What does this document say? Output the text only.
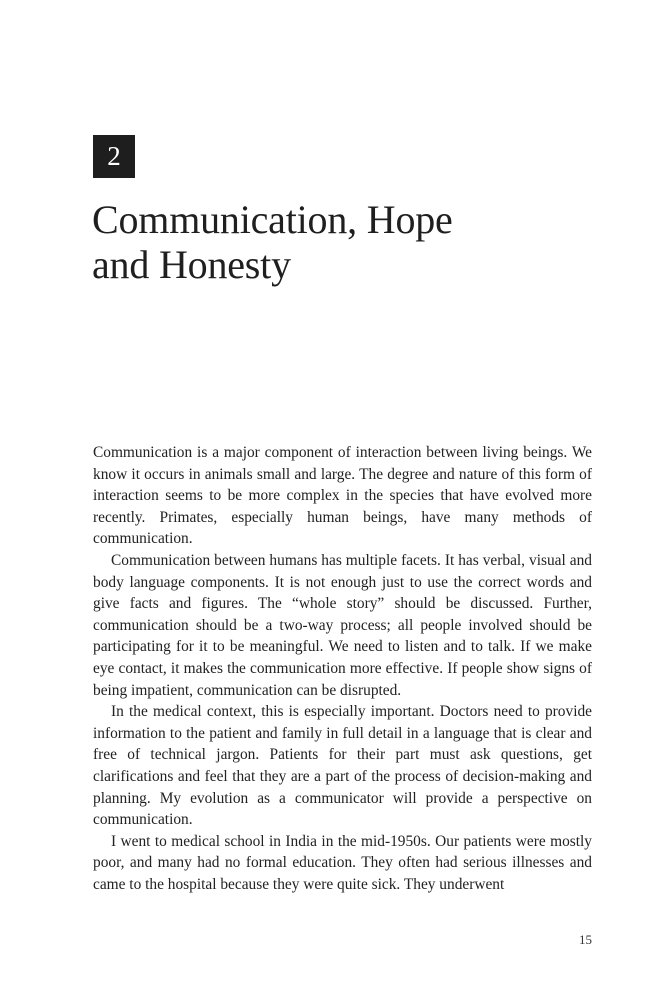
2
Communication, Hope
and Honesty

Communication is a major component of interaction between living beings. We know it occurs in animals small and large. The degree and nature of this form of interaction seems to be more complex in the species that have evolved more recently. Primates, especially human beings, have many methods of communication.

Communication between humans has multiple facets. It has verbal, visual and body language components. It is not enough just to use the correct words and give facts and figures. The “whole story” should be discussed. Further, communication should be a two-way process; all people involved should be participating for it to be meaningful. We need to listen and to talk. If we make eye contact, it makes the communication more effective. If people show signs of being impatient, communication can be disrupted.

In the medical context, this is especially important. Doctors need to provide information to the patient and family in full detail in a language that is clear and free of technical jargon. Patients for their part must ask questions, get clarifications and feel that they are a part of the process of decision-making and planning. My evolution as a communicator will provide a perspective on communication.

I went to medical school in India in the mid-1950s. Our patients were mostly poor, and many had no formal education. They often had serious illnesses and came to the hospital because they were quite sick. They underwent

15
